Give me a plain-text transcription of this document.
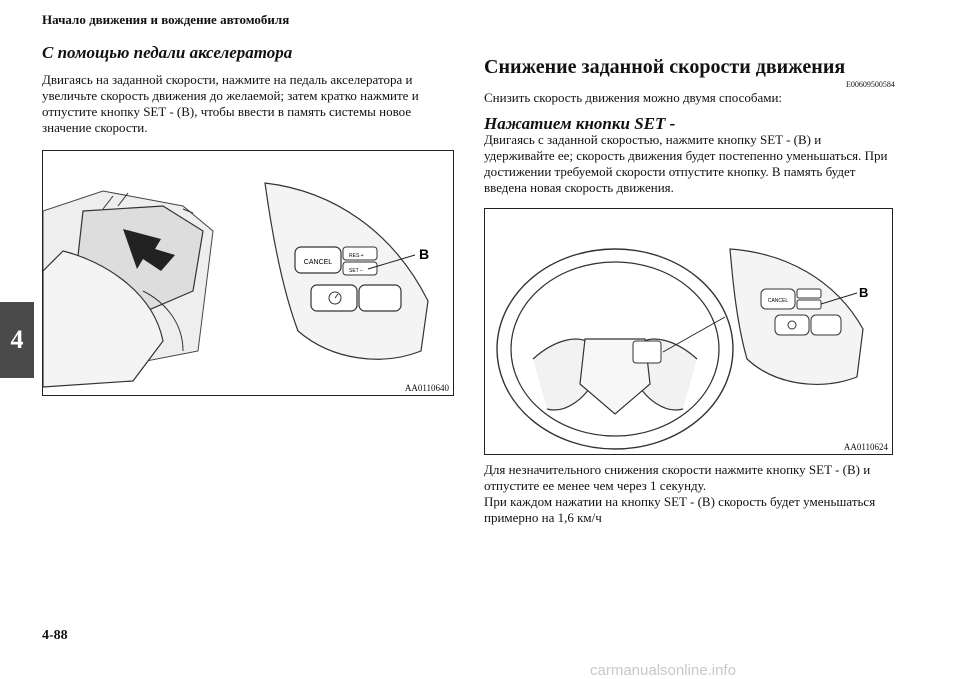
Начало движения и вождение автомобиля
4
С помощью педали акселератора
Двигаясь на заданной скорости, нажмите на педаль акселератора и увеличьте скорость движения до желаемой; затем кратко нажмите и отпустите кнопку SET - (B), чтобы ввести в память системы новое значение скорости.
CANCEL
RES +
SET –
B
AA0110640
Снижение заданной скорости движения
E00609500584
Снизить скорость движения можно двумя способами:
Нажатием кнопки SET -
Двигаясь с заданной скоростью, нажмите кнопку SET - (B) и удерживайте ее; скорость движения будет постепенно уменьшаться. При достижении требуемой скорости отпустите кнопку. В память будет введена новая скорость движения.
CANCEL
B
AA0110624
Для незначительного снижения скорости нажмите кнопку SET - (B) и отпустите ее менее чем через 1 секунду.
При каждом нажатии на кнопку SET - (B) скорость будет уменьшаться примерно на 1,6 км/ч
4-88
carmanualsonline.info
